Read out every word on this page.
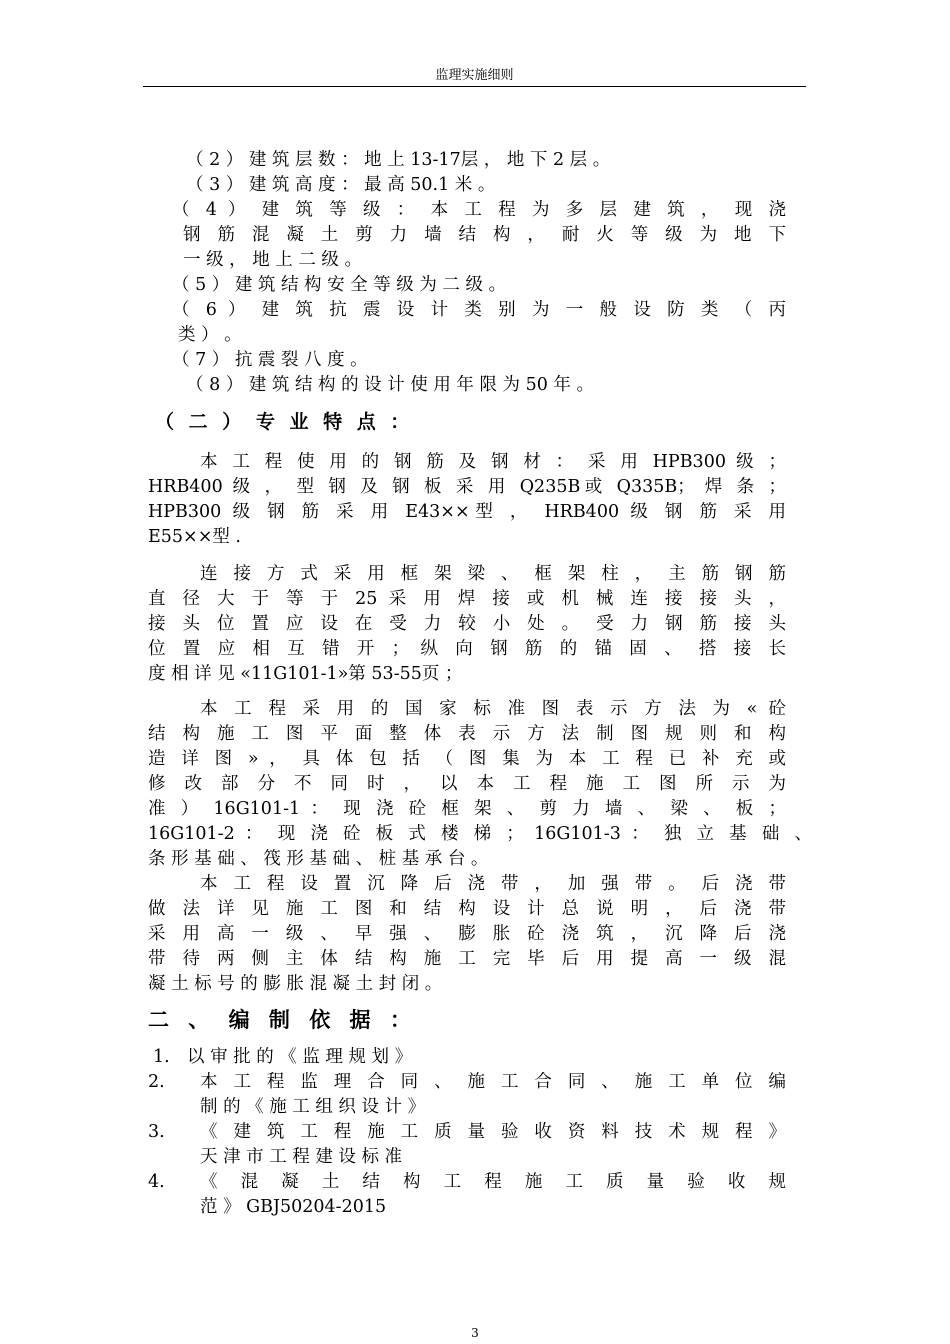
监理实施细则
（ 2 ） 建 筑 层 数 ： 地 上 13-17层 ， 地 下 2 层 。
（ 3 ） 建 筑 高 度 ： 最 高 50.1 米 。
（ 4 ） 建 筑 等 级 ： 本 工 程 为 多 层 建 筑 ， 现 浇
钢 筋 混 凝 土 剪 力 墙 结 构 ， 耐 火 等 级 为 地 下
一 级 ， 地 上 二 级 。
（ 5 ） 建 筑 结 构 安 全 等 级 为 二 级 。
（ 6 ） 建 筑 抗 震 设 计 类 别 为 一 般 设 防 类 （ 丙
类 ） 。
（ 7 ） 抗 震 裂 八 度 。
（ 8 ） 建 筑 结 构 的 设 计 使 用 年 限 为 50 年 。
（ 二 ） 专 业 特 点 ：
本 工 程 使 用 的 钢 筋 及 钢 材 ： 采 用 HPB300 级 ；
HRB400 级 ， 型 钢 及 钢 板 采 用 Q235B或 Q335B； 焊 条 ；
HPB300 级 钢 筋 采 用 E43××型 ， HRB400 级 钢 筋 采 用
E55××型 .
连 接 方 式 采 用 框 架 梁 、 框 架 柱 ， 主 筋 钢 筋
直 径 大 于 等 于 25 采 用 焊 接 或 机 械 连 接 接 头 ，
接 头 位 置 应 设 在 受 力 较 小 处 。 受 力 钢 筋 接 头
位 置 应 相 互 错 开 ； 纵 向 钢 筋 的 锚 固 、 搭 接 长
度 相 详 见 «11G101-1»第 53-55页 ；
本 工 程 采 用 的 国 家 标 准 图 表 示 方 法 为 « 砼
结 构 施 工 图 平 面 整 体 表 示 方 法 制 图 规 则 和 构
造 详 图 » ， 具 体 包 括 （ 图 集 为 本 工 程 已 补 充 或
修 改 部 分 不 同 时 ， 以 本 工 程 施 工 图 所 示 为
准 ） 16G101-1 ： 现 浇 砼 框 架 、 剪 力 墙 、 梁 、 板 ；
16G101-2 ： 现 浇 砼 板 式 楼 梯 ； 16G101-3 ： 独 立 基 础 、
条 形 基 础 、 筏 形 基 础 、 桩 基 承 台 。
本 工 程 设 置 沉 降 后 浇 带 ， 加 强 带 。 后 浇 带
做 法 详 见 施 工 图 和 结 构 设 计 总 说 明 ， 后 浇 带
采 用 高 一 级 、 早 强 、 膨 胀 砼 浇 筑 ， 沉 降 后 浇
带 待 两 侧 主 体 结 构 施 工 完 毕 后 用 提 高 一 级 混
凝 土 标 号 的 膨 胀 混 凝 土 封 闭 。
二 、 编 制 依 据 ：
1. 以 审 批 的 《 监 理 规 划 》
2. 本 工 程 监 理 合 同 、 施 工 合 同 、 施 工 单 位 编
制 的 《 施 工 组 织 设 计 》
3. 《 建 筑 工 程 施 工 质 量 验 收 资 料 技 术 规 程 》
天 津 市 工 程 建 设 标 准
4. 《 混 凝 土 结 构 工 程 施 工 质 量 验 收 规
范 》 GBJ50204-2015
3
